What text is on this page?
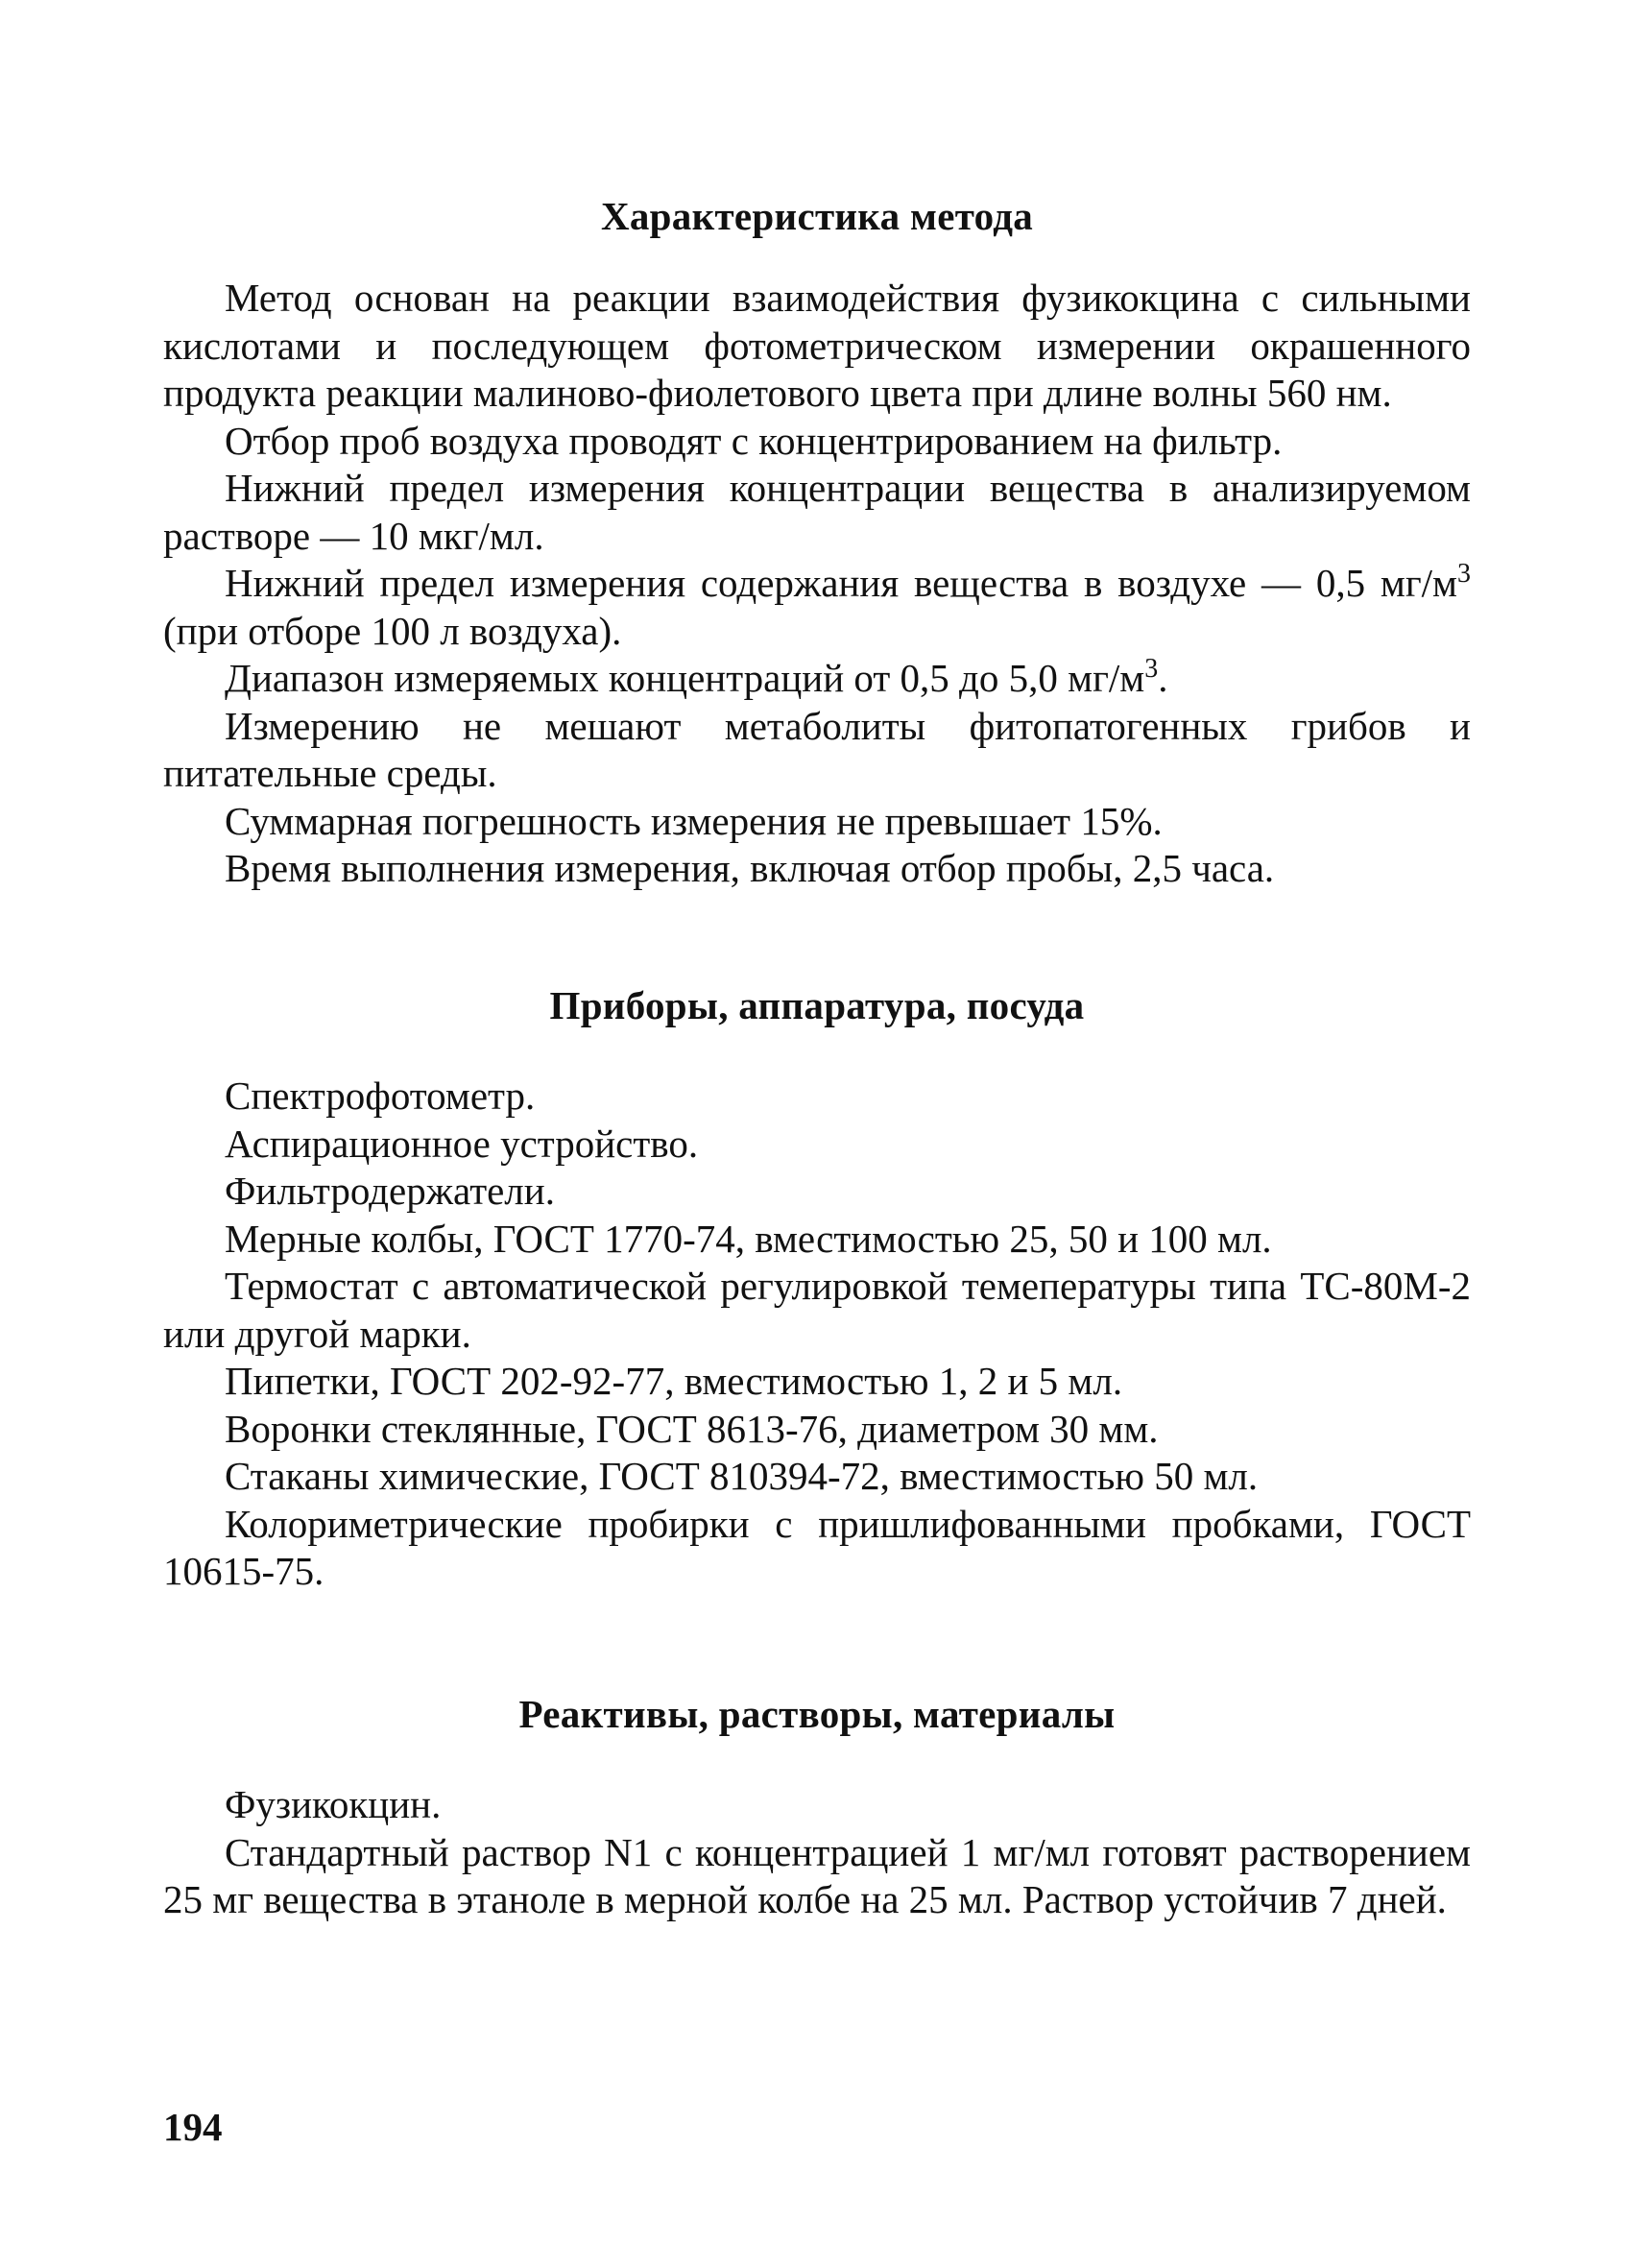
Характеристика метода

Метод основан на реакции взаимодействия фузикокцина с сильными кислотами и последующем фотометрическом измерении окрашенного продукта реакции малиново-фиолетового цвета при длине волны 560 нм.

Отбор проб воздуха проводят с концентрированием на фильтр.

Нижний предел измерения концентрации вещества в анализируемом растворе — 10 мкг/мл.

Нижний предел измерения содержания вещества в воздухе — 0,5 $мг/м^3$ (при отборе 100 л воздуха).

Диапазон измеряемых концентраций от 0,5 до 5,0 $мг/м^3$.

Измерению не мешают метаболиты фитопатогенных грибов и питательные среды.

Суммарная погрешность измерения не превышает 15%.

Время выполнения измерения, включая отбор пробы, 2,5 часа.

Приборы, аппаратура, посуда

Спектрофотометр.

Аспирационное устройство.

Фильтродержатели.

Мерные колбы, ГОСТ 1770-74, вместимостью 25, 50 и 100 мл.

Термостат с автоматической регулировкой темепературы типа ТС-80М-2 или другой марки.

Пипетки, ГОСТ 202-92-77, вместимостью 1, 2 и 5 мл.

Воронки стеклянные, ГОСТ 8613-76, диаметром 30 мм.

Стаканы химические, ГОСТ 810394-72, вместимостью 50 мл.

Колориметрические пробирки с пришлифованными пробками, ГОСТ 10615-75.

Реактивы, растворы, материалы

Фузикокцин.

Стандартный раствор N1 с концентрацией 1 мг/мл готовят растворением 25 мг вещества в этаноле в мерной колбе на 25 мл. Раствор устойчив 7 дней.

194
